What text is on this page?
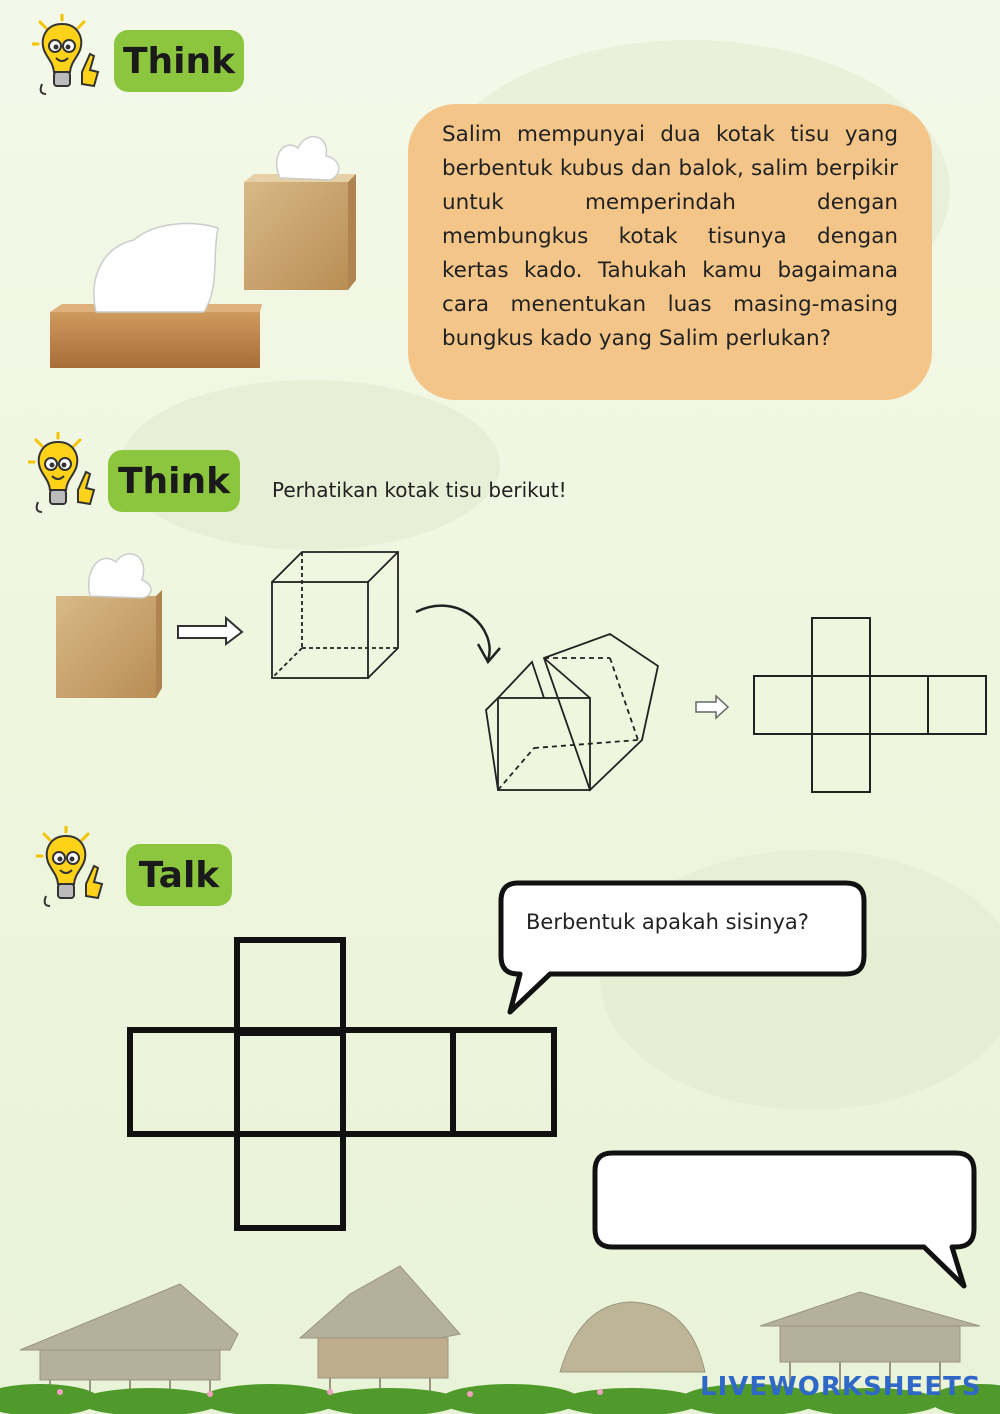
Think
Salim mempunyai dua kotak tisu yang berbentuk kubus dan balok, salim berpikir untuk memperindah dengan membungkus kotak tisunya dengan kertas kado. Tahukah kamu bagaimana cara menentukan luas masing-masing bungkus kado yang Salim perlukan?
Think	Perhatikan kotak tisu berikut!
Talk
Berbentuk apakah sisinya?
LIVEWORKSHEETS
